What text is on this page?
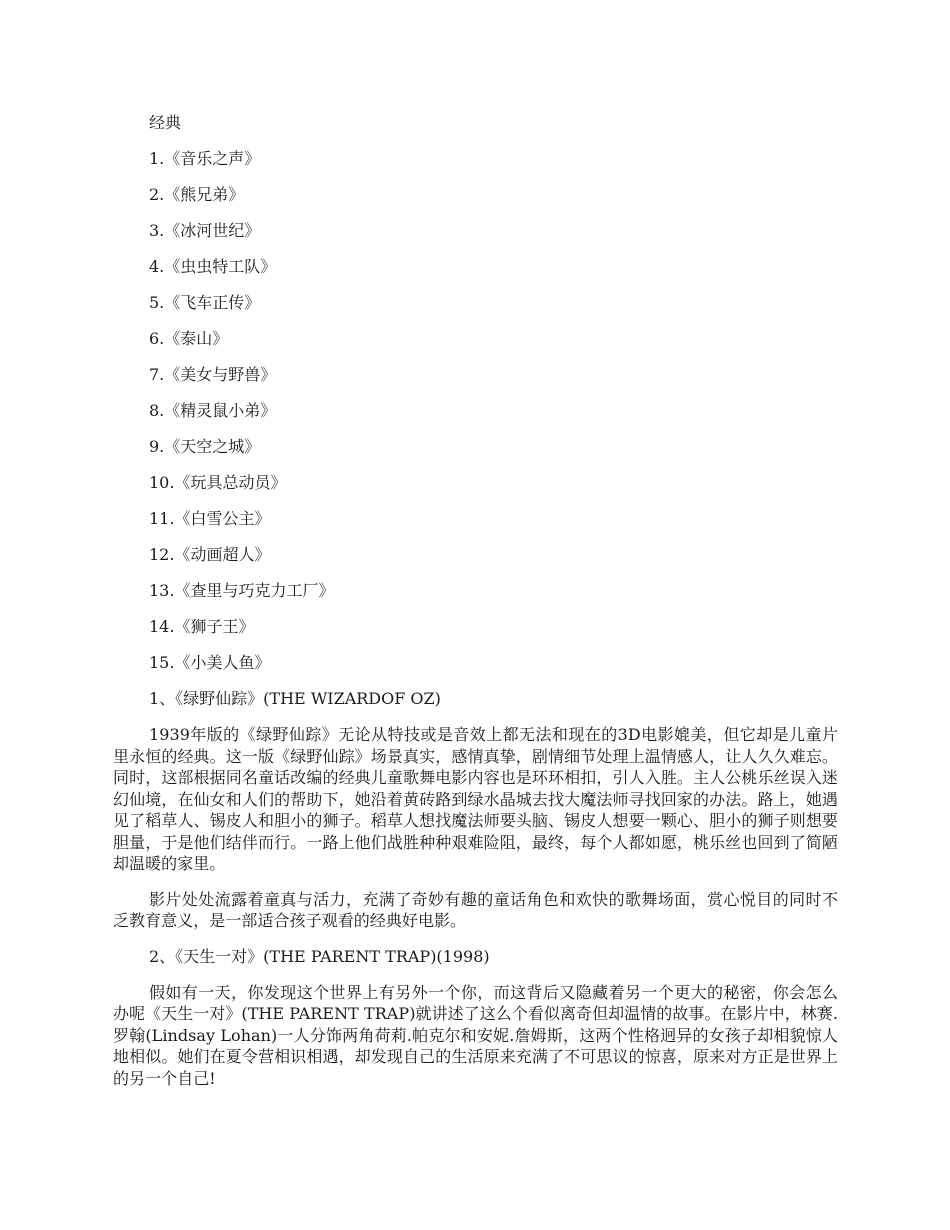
经典
1.《音乐之声》
2.《熊兄弟》
3.《冰河世纪》
4.《虫虫特工队》
5.《飞车正传》
6.《泰山》
7.《美女与野兽》
8.《精灵鼠小弟》
9.《天空之城》
10.《玩具总动员》
11.《白雪公主》
12.《动画超人》
13.《查里与巧克力工厂》
14.《狮子王》
15.《小美人鱼》
1、《绿野仙踪》(THE WIZARDOF OZ)
1939年版的《绿野仙踪》无论从特技或是音效上都无法和现在的3D电影媲美，但它却是儿童片里永恒的经典。这一版《绿野仙踪》场景真实，感情真挚，剧情细节处理上温情感人，让人久久难忘。同时，这部根据同名童话改编的经典儿童歌舞电影内容也是环环相扣，引人入胜。主人公桃乐丝误入迷幻仙境，在仙女和人们的帮助下，她沿着黄砖路到绿水晶城去找大魔法师寻找回家的办法。路上，她遇见了稻草人、锡皮人和胆小的狮子。稻草人想找魔法师要头脑、锡皮人想要一颗心、胆小的狮子则想要胆量，于是他们结伴而行。一路上他们战胜种种艰难险阻，最终，每个人都如愿，桃乐丝也回到了简陋却温暖的家里。
影片处处流露着童真与活力，充满了奇妙有趣的童话角色和欢快的歌舞场面，赏心悦目的同时不乏教育意义，是一部适合孩子观看的经典好电影。
2、《天生一对》(THE PARENT TRAP)(1998)
假如有一天，你发现这个世界上有另外一个你，而这背后又隐藏着另一个更大的秘密，你会怎么办呢《天生一对》(THE PARENT TRAP)就讲述了这么个看似离奇但却温情的故事。在影片中，林赛.罗翰(Lindsay Lohan)一人分饰两角荷莉.帕克尔和安妮.詹姆斯，这两个性格迥异的女孩子却相貌惊人地相似。她们在夏令营相识相遇，却发现自己的生活原来充满了不可思议的惊喜，原来对方正是世界上的另一个自己!
